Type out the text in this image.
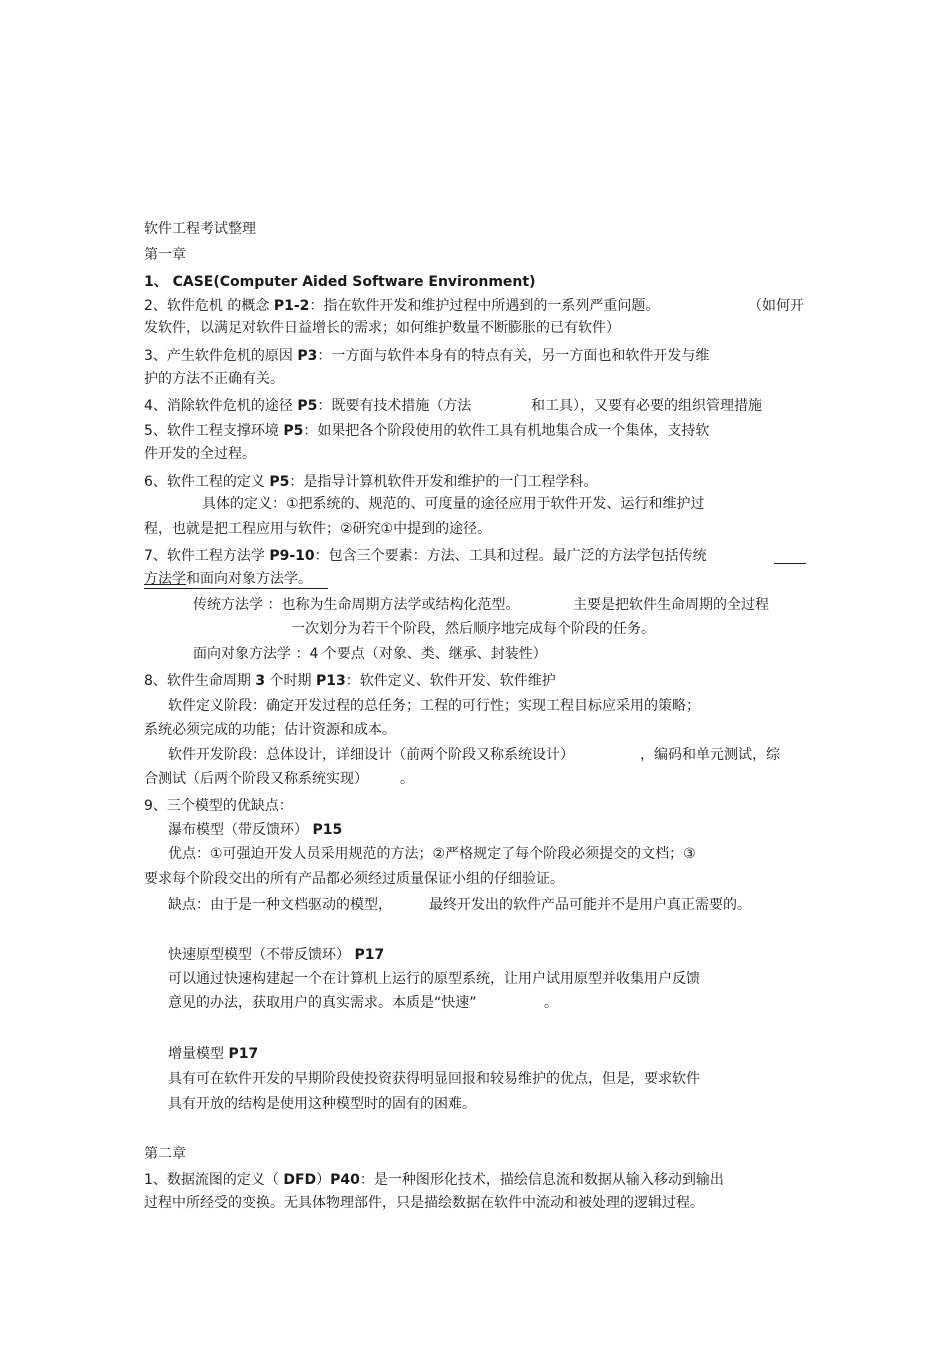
软件工程考试整理
第一章
1、 CASE(Computer Aided Software Environment)
2、软件危机 的概念 P1-2：指在软件开发和维护过程中所遇到的一系列严重问题。	（如何开
发软件，以满足对软件日益增长的需求；如何维护数量不断膨胀的已有软件）
3、产生软件危机的原因 P3：一方面与软件本身有的特点有关，另一方面也和软件开发与维
护的方法不正确有关。
4、消除软件危机的途径 P5：既要有技术措施（方法	和工具），又要有必要的组织管理措施
5、软件工程支撑环境 P5：如果把各个阶段使用的软件工具有机地集合成一个集体，支持软
件开发的全过程。
6、软件工程的定义 P5：是指导计算机软件开发和维护的一门工程学科。
具体的定义：①把系统的、规范的、可度量的途径应用于软件开发、运行和维护过
程，也就是把工程应用与软件；②研究①中提到的途径。
7、软件工程方法学 P9-10：包含三个要素：方法、工具和过程。最广泛的方法学包括传统
方法学和面向对象方法学。
传统方法学 ：也称为生命周期方法学或结构化范型。	主要是把软件生命周期的全过程
一次划分为若干个阶段，然后顺序地完成每个阶段的任务。
面向对象方法学 ：4 个要点（对象、类、继承、封装性）
8、软件生命周期 3 个时期 P13：软件定义、软件开发、软件维护
软件定义阶段：确定开发过程的总任务；工程的可行性；实现工程目标应采用的策略；
系统必须完成的功能；估计资源和成本。
软件开发阶段：总体设计，详细设计（前两个阶段又称系统设计）	，编码和单元测试，综
合测试（后两个阶段又称系统实现） 。
9、三个模型的优缺点：
瀑布模型（带反馈环） P15
优点：①可强迫开发人员采用规范的方法；②严格规定了每个阶段必须提交的文档；③
要求每个阶段交出的所有产品都必须经过质量保证小组的仔细验证。
缺点：由于是一种文档驱动的模型，	最终开发出的软件产品可能并不是用户真正需要的。
快速原型模型（不带反馈环） P17
可以通过快速构建起一个在计算机上运行的原型系统，让用户试用原型并收集用户反馈
意见的办法，获取用户的真实需求。本质是“快速”	。
增量模型 P17
具有可在软件开发的早期阶段使投资获得明显回报和较易维护的优点，但是，要求软件
具有开放的结构是使用这种模型时的固有的困难。
第二章
1、数据流图的定义（ DFD）P40：是一种图形化技术，描绘信息流和数据从输入移动到输出
过程中所经受的变换。无具体物理部件，只是描绘数据在软件中流动和被处理的逻辑过程。
